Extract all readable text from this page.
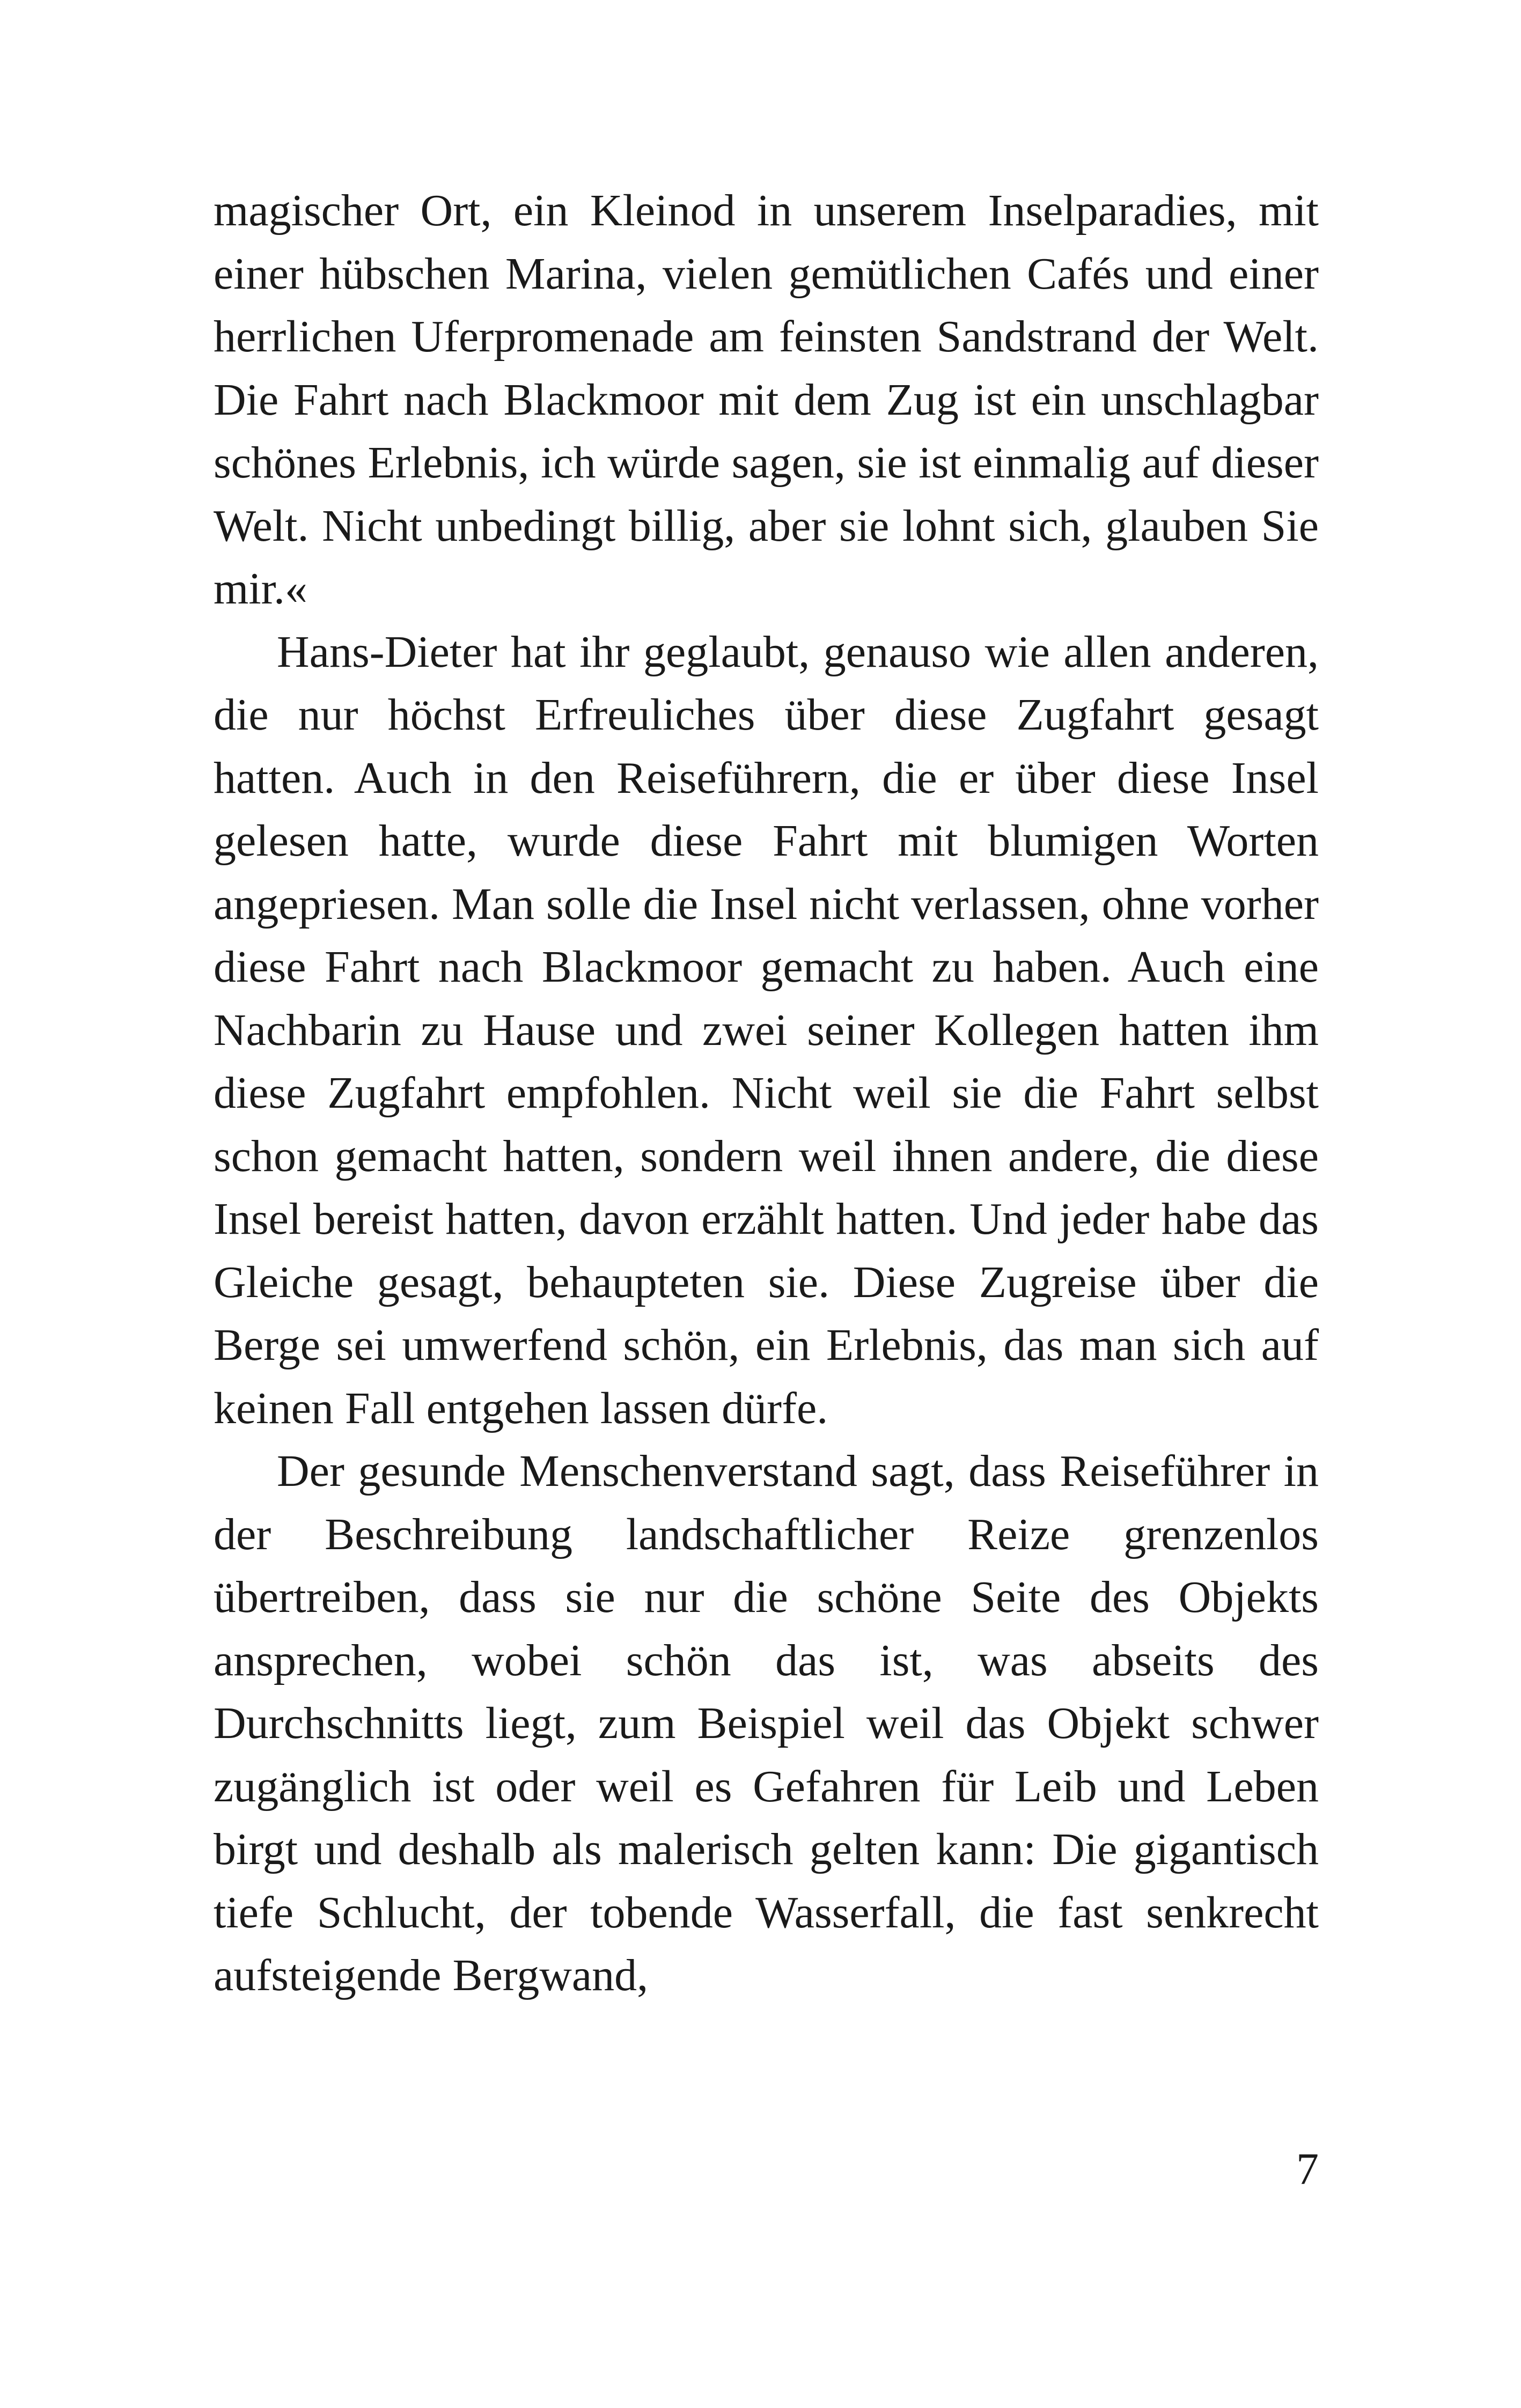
magischer Ort, ein Kleinod in unserem Inselparadies, mit einer hübschen Marina, vielen gemütlichen Cafés und einer herrlichen Uferpromenade am feinsten Sandstrand der Welt. Die Fahrt nach Blackmoor mit dem Zug ist ein unschlagbar schönes Erlebnis, ich würde sagen, sie ist einmalig auf dieser Welt. Nicht unbedingt billig, aber sie lohnt sich, glauben Sie mir.«

Hans-Dieter hat ihr geglaubt, genauso wie allen anderen, die nur höchst Erfreuliches über diese Zugfahrt gesagt hatten. Auch in den Reiseführern, die er über diese Insel gelesen hatte, wurde diese Fahrt mit blumigen Worten angepriesen. Man solle die Insel nicht verlassen, ohne vorher diese Fahrt nach Blackmoor gemacht zu haben. Auch eine Nachbarin zu Hause und zwei seiner Kollegen hatten ihm diese Zugfahrt empfohlen. Nicht weil sie die Fahrt selbst schon gemacht hatten, sondern weil ihnen andere, die diese Insel bereist hatten, davon erzählt hatten. Und jeder habe das Gleiche gesagt, behaupteten sie. Diese Zugreise über die Berge sei umwerfend schön, ein Erlebnis, das man sich auf keinen Fall entgehen lassen dürfe.

Der gesunde Menschenverstand sagt, dass Reiseführer in der Beschreibung landschaftlicher Reize grenzenlos übertreiben, dass sie nur die schöne Seite des Objekts ansprechen, wobei schön das ist, was abseits des Durchschnitts liegt, zum Beispiel weil das Objekt schwer zugänglich ist oder weil es Gefahren für Leib und Leben birgt und deshalb als malerisch gelten kann: Die gigantisch tiefe Schlucht, der tobende Wasserfall, die fast senkrecht aufsteigende Bergwand,

7
